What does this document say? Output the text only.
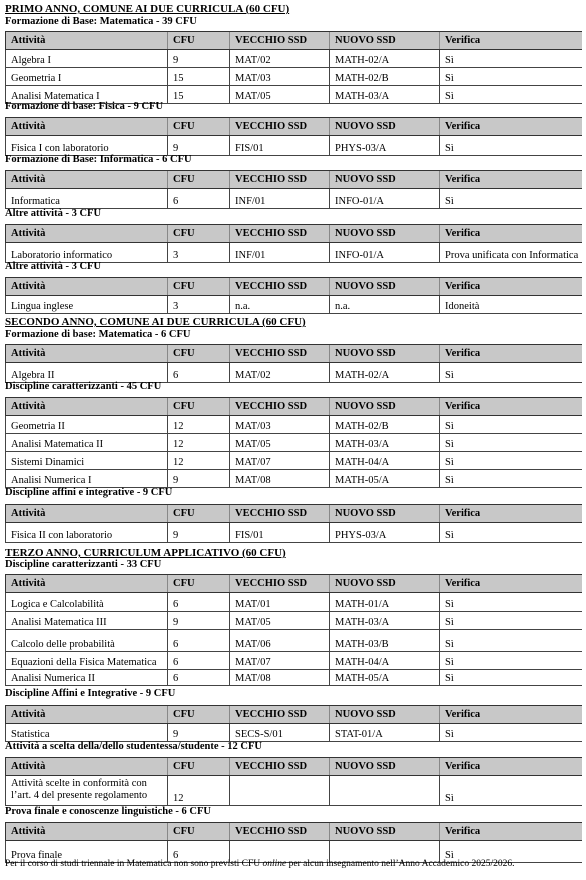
PRIMO ANNO, COMUNE AI DUE CURRICULA (60 CFU)
Formazione di Base: Matematica - 39 CFU
Attività	CFU	VECCHIO SSD	NUOVO SSD	Verifica
Algebra I	9	MAT/02	MATH-02/A	Sì
Geometria I	15	MAT/03	MATH-02/B	Sì
Analisi Matematica I	15	MAT/05	MATH-03/A	Sì
Formazione di base: Fisica - 9 CFU
Attività	CFU	VECCHIO SSD	NUOVO SSD	Verifica
Fisica I con laboratorio	9	FIS/01	PHYS-03/A	Sì
Formazione di Base: Informatica - 6 CFU
Attività	CFU	VECCHIO SSD	NUOVO SSD	Verifica
Informatica	6	INF/01	INFO-01/A	Sì
Altre attività - 3 CFU
Attività	CFU	VECCHIO SSD	NUOVO SSD	Verifica
Laboratorio informatico	3	INF/01	INFO-01/A	Prova unificata con Informatica
Altre attività - 3 CFU
Attività	CFU	VECCHIO SSD	NUOVO SSD	Verifica
Lingua inglese	3	n.a.	n.a.	Idoneità
SECONDO ANNO, COMUNE AI DUE CURRICULA (60 CFU)
Formazione di base: Matematica - 6 CFU
Attività	CFU	VECCHIO SSD	NUOVO SSD	Verifica
Algebra II	6	MAT/02	MATH-02/A	Sì
Discipline caratterizzanti - 45 CFU
Attività	CFU	VECCHIO SSD	NUOVO SSD	Verifica
Geometria II	12	MAT/03	MATH-02/B	Sì
Analisi Matematica II	12	MAT/05	MATH-03/A	Sì
Sistemi Dinamici	12	MAT/07	MATH-04/A	Sì
Analisi Numerica I	9	MAT/08	MATH-05/A	Sì
Discipline affini e integrative - 9 CFU
Attività	CFU	VECCHIO SSD	NUOVO SSD	Verifica
Fisica II con laboratorio	9	FIS/01	PHYS-03/A	Sì
TERZO ANNO, CURRICULUM APPLICATIVO (60 CFU)
Discipline caratterizzanti - 33 CFU
Attività	CFU	VECCHIO SSD	NUOVO SSD	Verifica
Logica e Calcolabilità	6	MAT/01	MATH-01/A	Sì
Analisi Matematica III	9	MAT/05	MATH-03/A	Sì
Calcolo delle probabilità	6	MAT/06	MATH-03/B	Sì
Equazioni della Fisica Matematica	6	MAT/07	MATH-04/A	Sì
Analisi Numerica II	6	MAT/08	MATH-05/A	Sì
Discipline Affini e Integrative - 9 CFU
Attività	CFU	VECCHIO SSD	NUOVO SSD	Verifica
Statistica	9	SECS-S/01	STAT-01/A	Sì
Attività a scelta della/dello studentessa/studente - 12 CFU
Attività	CFU	VECCHIO SSD	NUOVO SSD	Verifica
Attività scelte in conformità con l’art. 4 del presente regolamento	12			Sì
Prova finale e conoscenze linguistiche - 6 CFU
Attività	CFU	VECCHIO SSD	NUOVO SSD	Verifica
Prova finale	6			Sì
Per il corso di studi triennale in Matematica non sono previsti CFU online per alcun insegnamento nell’Anno Accademico 2025/2026.
